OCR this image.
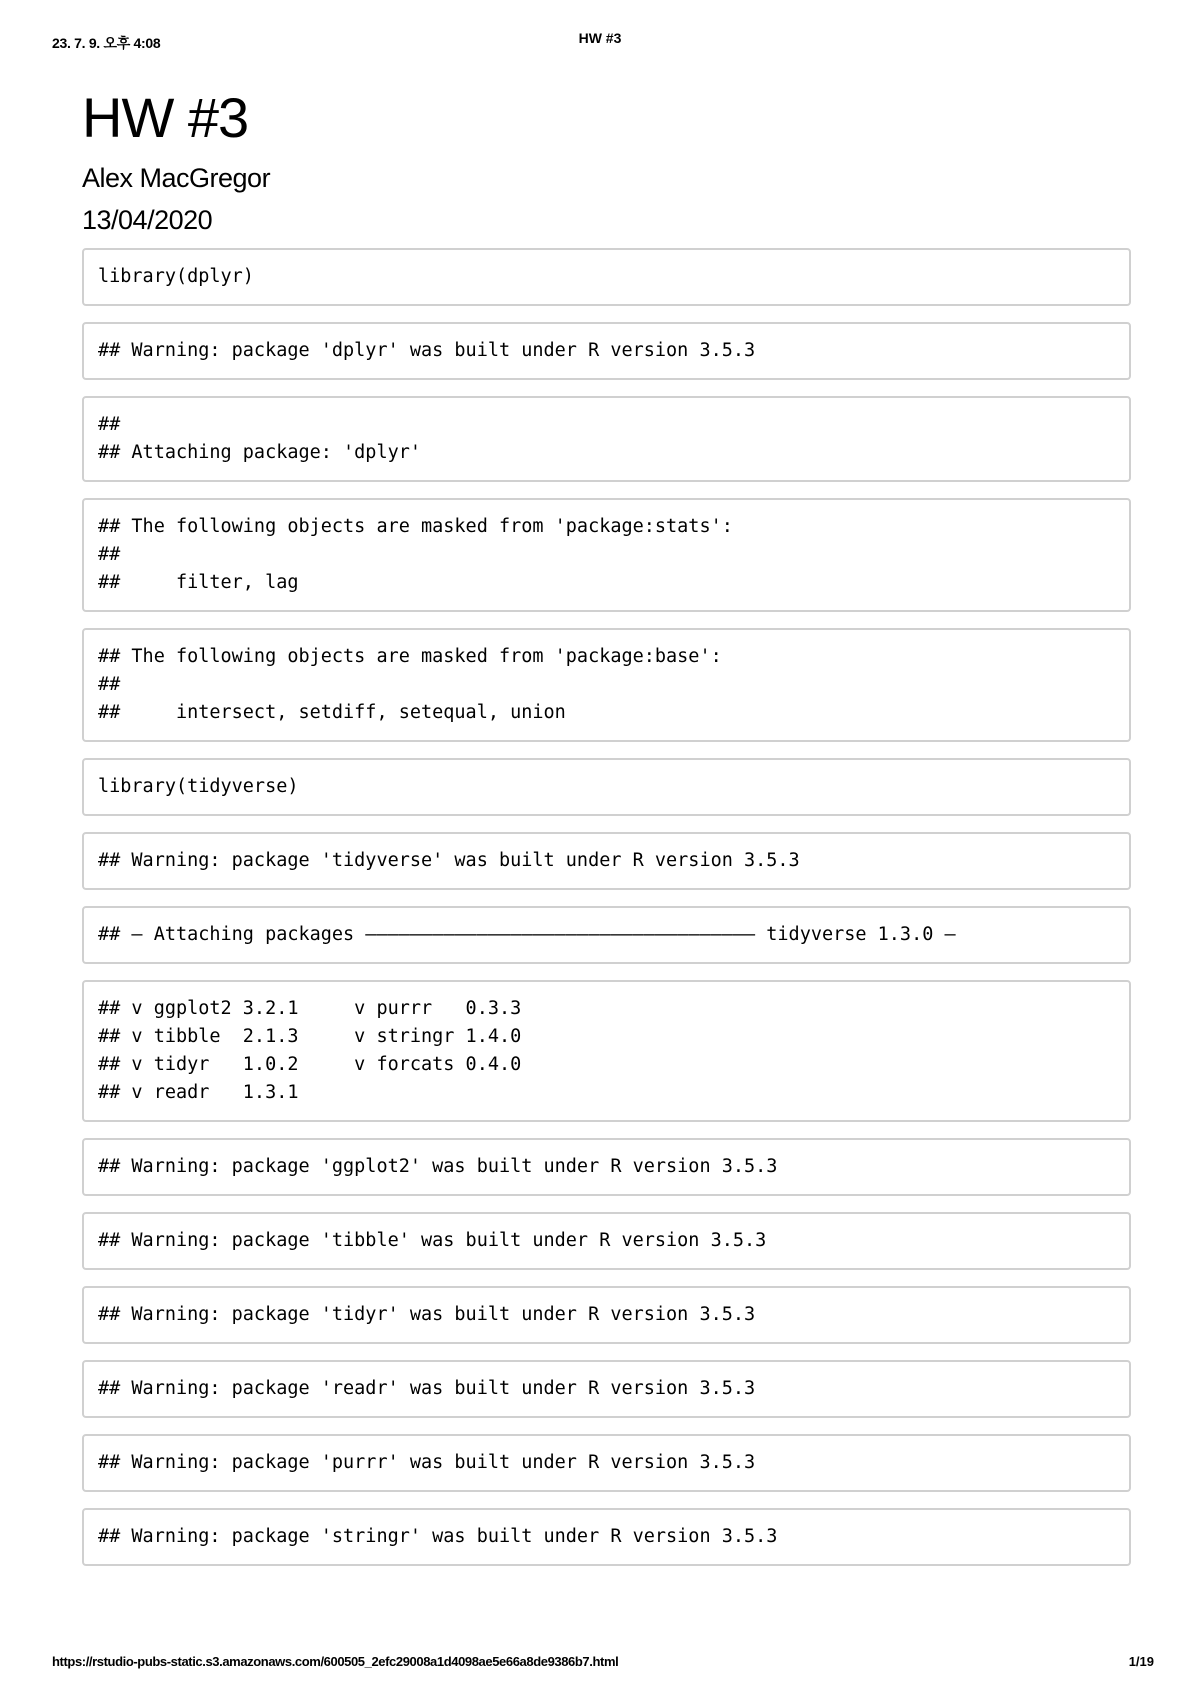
23. 7. 9. 오후 4:08	HW #3
HW #3
Alex MacGregor
13/04/2020
library(dplyr)
## Warning: package 'dplyr' was built under R version 3.5.3
##
## Attaching package: 'dplyr'
## The following objects are masked from 'package:stats':
##
##     filter, lag
## The following objects are masked from 'package:base':
##
##     intersect, setdiff, setequal, union
library(tidyverse)
## Warning: package 'tidyverse' was built under R version 3.5.3
## — Attaching packages ——————————————————————————————————— tidyverse 1.3.0 —
## v ggplot2 3.2.1     v purrr   0.3.3
## v tibble  2.1.3     v stringr 1.4.0
## v tidyr   1.0.2     v forcats 0.4.0
## v readr   1.3.1
## Warning: package 'ggplot2' was built under R version 3.5.3
## Warning: package 'tibble' was built under R version 3.5.3
## Warning: package 'tidyr' was built under R version 3.5.3
## Warning: package 'readr' was built under R version 3.5.3
## Warning: package 'purrr' was built under R version 3.5.3
## Warning: package 'stringr' was built under R version 3.5.3
https://rstudio-pubs-static.s3.amazonaws.com/600505_2efc29008a1d4098ae5e66a8de9386b7.html	1/19
